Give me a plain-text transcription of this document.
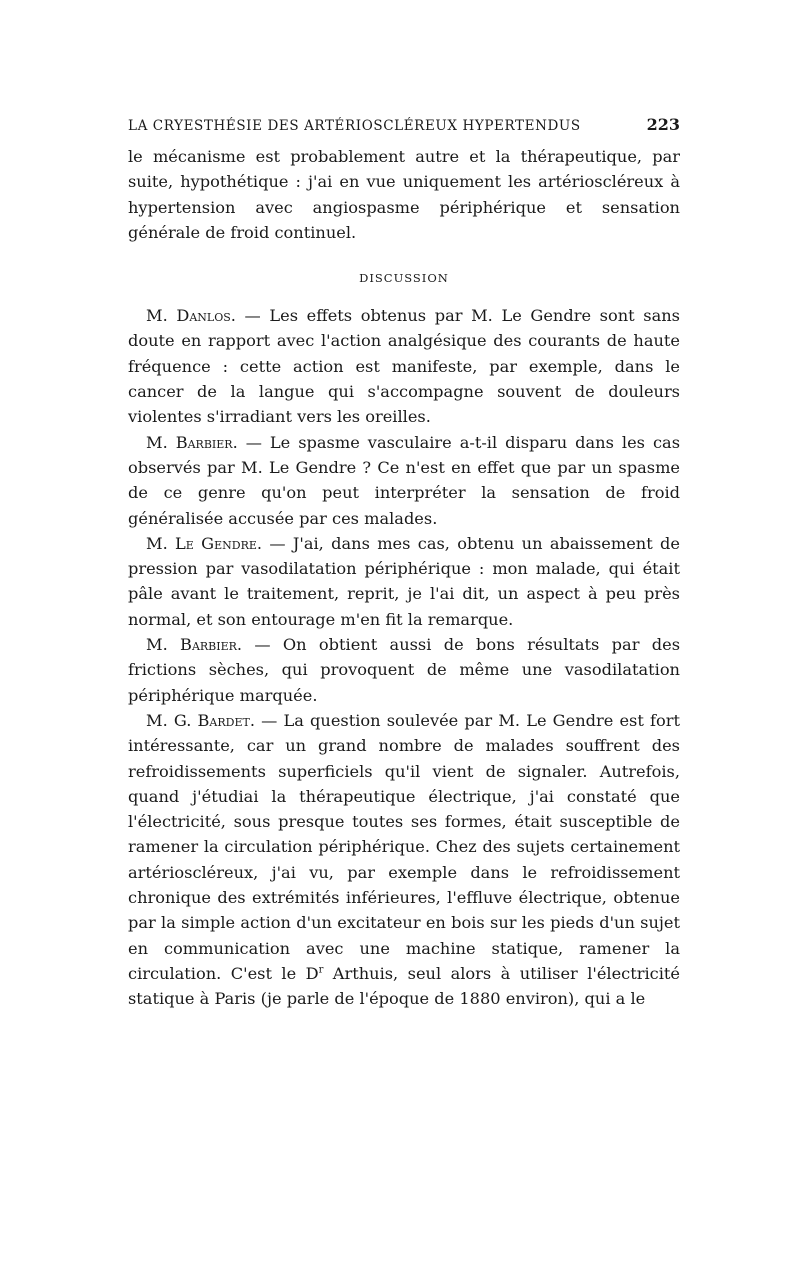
LA CRYESTHÉSIE DES ARTÉRIOSCLÉREUX HYPERTENDUS	223

le mécanisme est probablement autre et la thérapeutique, par suite, hypothétique : j'ai en vue uniquement les artérioscléreux à hypertension avec angiospasme périphérique et sensation générale de froid continuel.

DISCUSSION

M. Danlos. — Les effets obtenus par M. Le Gendre sont sans doute en rapport avec l'action analgésique des courants de haute fréquence : cette action est manifeste, par exemple, dans le cancer de la langue qui s'accompagne souvent de douleurs violentes s'irradiant vers les oreilles.

M. Barbier. — Le spasme vasculaire a-t-il disparu dans les cas observés par M. Le Gendre ? Ce n'est en effet que par un spasme de ce genre qu'on peut interpréter la sensation de froid généralisée accusée par ces malades.

M. Le Gendre. — J'ai, dans mes cas, obtenu un abaissement de pression par vasodilatation périphérique : mon malade, qui était pâle avant le traitement, reprit, je l'ai dit, un aspect à peu près normal, et son entourage m'en fit la remarque.

M. Barbier. — On obtient aussi de bons résultats par des frictions sèches, qui provoquent de même une vasodilatation périphérique marquée.

M. G. Bardet. — La question soulevée par M. Le Gendre est fort intéressante, car un grand nombre de malades souffrent des refroidissements superficiels qu'il vient de signaler. Autrefois, quand j'étudiai la thérapeutique électrique, j'ai constaté que l'électricité, sous presque toutes ses formes, était susceptible de ramener la circulation périphérique. Chez des sujets certainement artérioscléreux, j'ai vu, par exemple dans le refroidissement chronique des extrémités inférieures, l'effluve électrique, obtenue par la simple action d'un excitateur en bois sur les pieds d'un sujet en communication avec une machine statique, ramener la circulation. C'est le $D^r$ Arthuis, seul alors à utiliser l'électricité statique à Paris (je parle de l'époque de 1880 environ), qui a le
